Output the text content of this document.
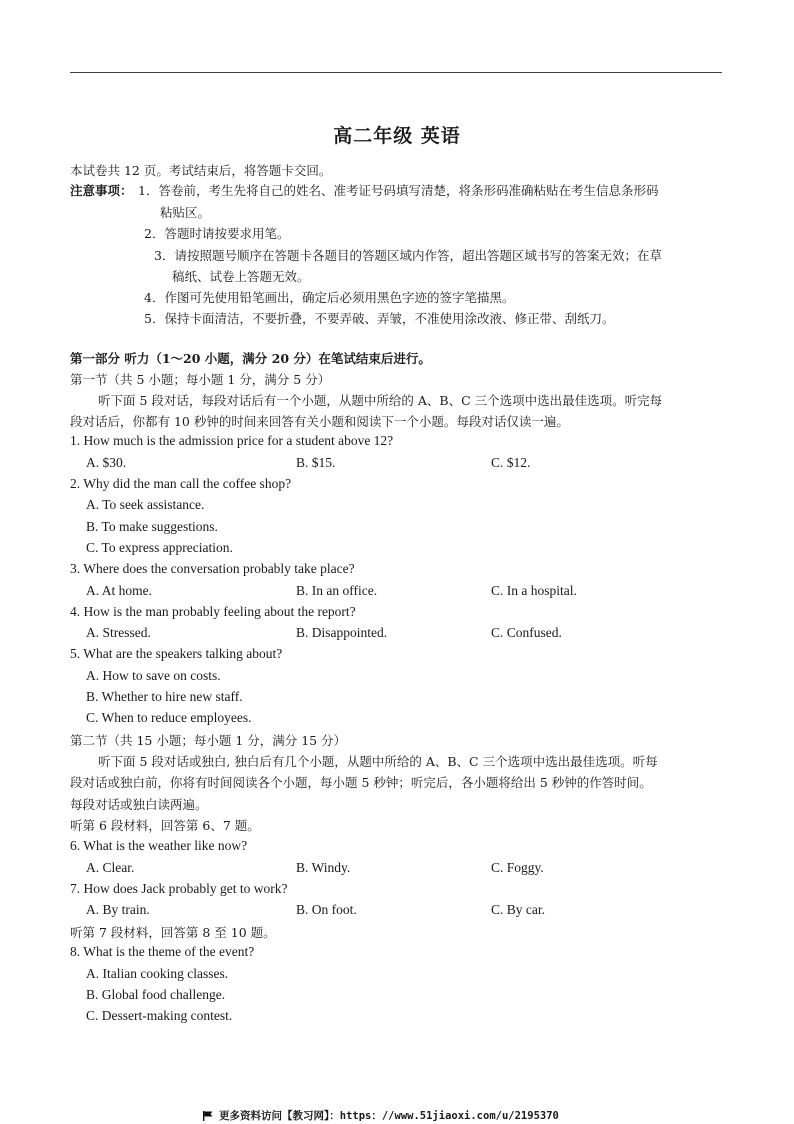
高二年级 英语
本试卷共 12 页。考试结束后，将答题卡交回。
注意事项： 1．答卷前，考生先将自己的姓名、准考证号码填写清楚，将条形码准确粘贴在考生信息条形码
粘贴区。
2．答题时请按要求用笔。
3．请按照题号顺序在答题卡各题目的答题区域内作答，超出答题区域书写的答案无效；在草
稿纸、试卷上答题无效。
4．作图可先使用铅笔画出，确定后必须用黑色字迹的签字笔描黑。
5．保持卡面清洁，不要折叠，不要弄破、弄皱，不准使用涂改液、修正带、刮纸刀。
第一部分 听力（1～20 小题，满分 20 分）在笔试结束后进行。
第一节（共 5 小题；每小题 1 分，满分 5 分）
听下面 5 段对话，每段对话后有一个小题，从题中所给的 A、B、C 三个选项中选出最佳选项。听完每
段对话后，你都有 10 秒钟的时间来回答有关小题和阅读下一个小题。每段对话仅读一遍。
1. How much is the admission price for a student above 12?
A. $30.	B. $15.	C. $12.
2. Why did the man call the coffee shop?
A. To seek assistance.
B. To make suggestions.
C. To express appreciation.
3. Where does the conversation probably take place?
A. At home.	B. In an office.	C. In a hospital.
4. How is the man probably feeling about the report?
A. Stressed.	B. Disappointed.	C. Confused.
5. What are the speakers talking about?
A. How to save on costs.
B. Whether to hire new staff.
C. When to reduce employees.
第二节（共 15 小题；每小题 1 分，满分 15 分）
听下面 5 段对话或独白, 独白后有几个小题，从题中所给的 A、B、C 三个选项中选出最佳选项。听每
段对话或独白前，你将有时间阅读各个小题，每小题 5 秒钟；听完后，各小题将给出 5 秒钟的作答时间。
每段对话或独白读两遍。
听第 6 段材料，回答第 6、7 题。
6. What is the weather like now?
A. Clear.	B. Windy.	C. Foggy.
7. How does Jack probably get to work?
A. By train.	B. On foot.	C. By car.
听第 7 段材料，回答第 8 至 10 题。
8. What is the theme of the event?
A. Italian cooking classes.
B. Global food challenge.
C. Dessert-making contest.
更多资料访问【教习网】：https：//www.51jiaoxi.com/u/2195370
